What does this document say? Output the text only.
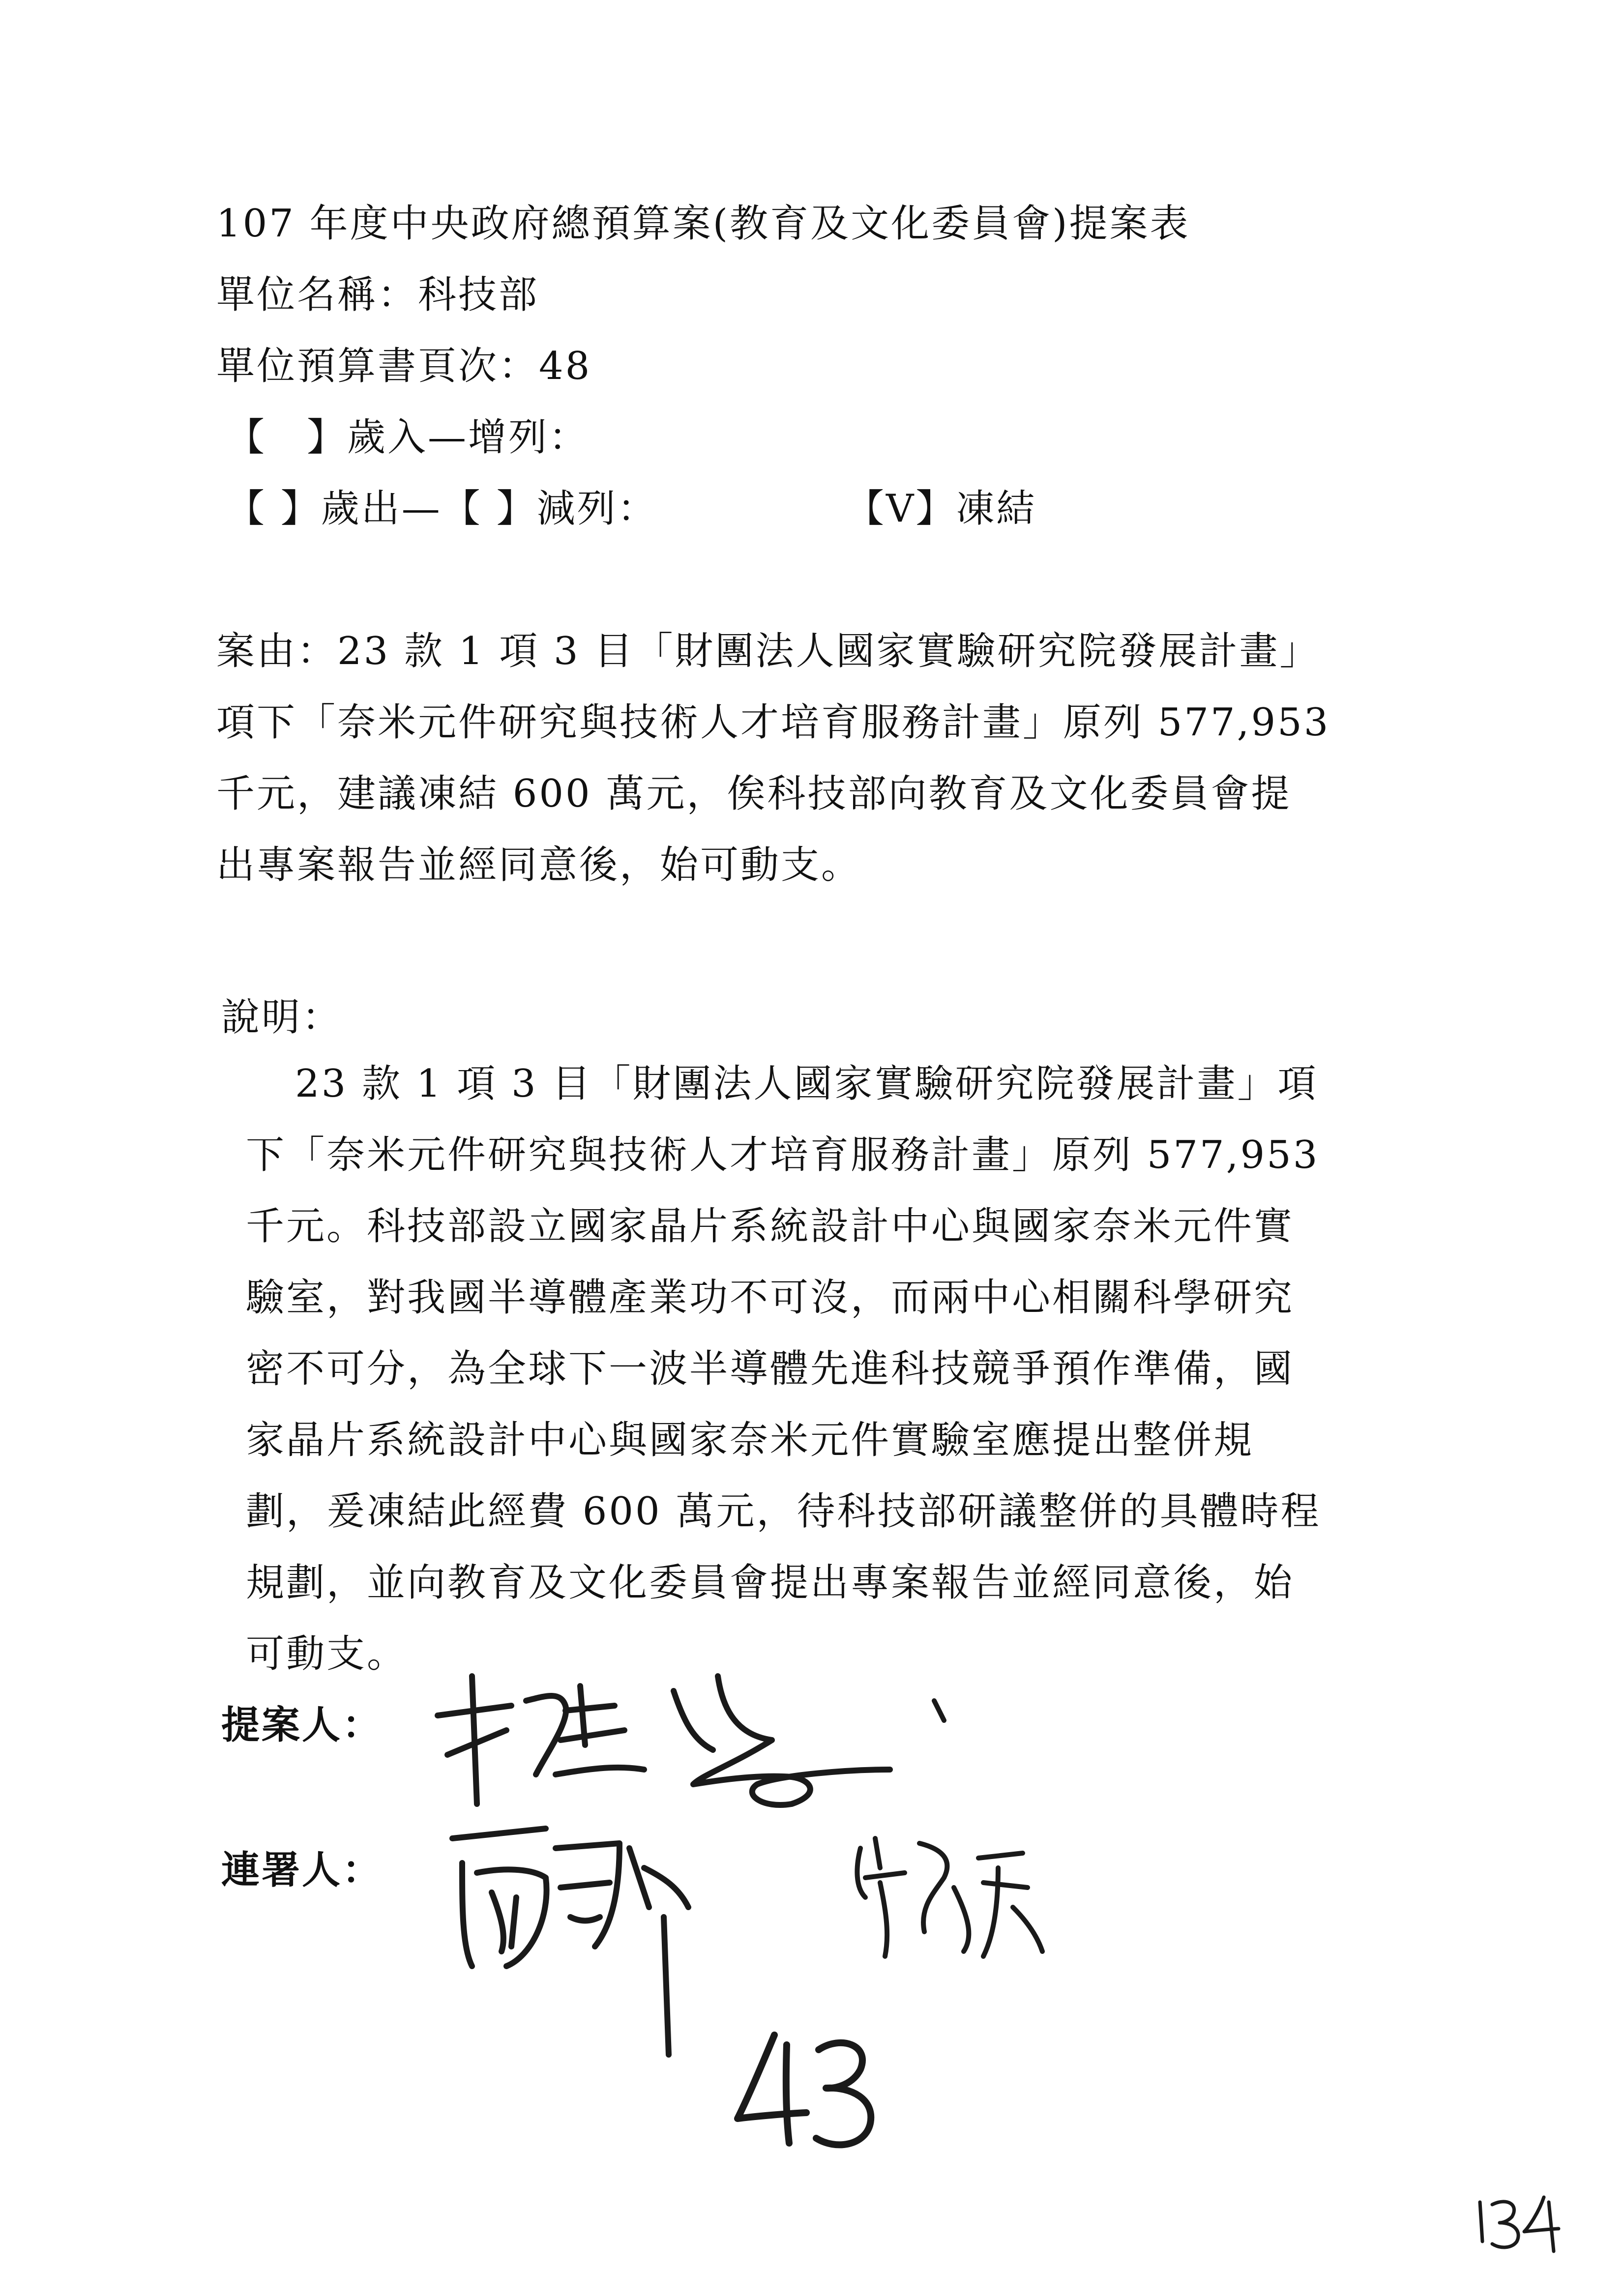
107 年度中央政府總預算案(教育及文化委員會)提案表
單位名稱：科技部
單位預算書頁次：48
【　】歲入—增列：
【 】歲出—【 】減列：	【V】凍結
案由：23 款 1 項 3 目「財團法人國家實驗研究院發展計畫」
項下「奈米元件研究與技術人才培育服務計畫」原列 577,953
千元，建議凍結 600 萬元，俟科技部向教育及文化委員會提
出專案報告並經同意後，始可動支。
說明：
23 款 1 項 3 目「財團法人國家實驗研究院發展計畫」項
下「奈米元件研究與技術人才培育服務計畫」原列 577,953
千元。科技部設立國家晶片系統設計中心與國家奈米元件實
驗室，對我國半導體產業功不可沒，而兩中心相關科學研究
密不可分，為全球下一波半導體先進科技競爭預作準備，國
家晶片系統設計中心與國家奈米元件實驗室應提出整併規
劃，爰凍結此經費 600 萬元，待科技部研議整併的具體時程
規劃，並向教育及文化委員會提出專案報告並經同意後，始
可動支。
提案人：
連署人：
43
134
